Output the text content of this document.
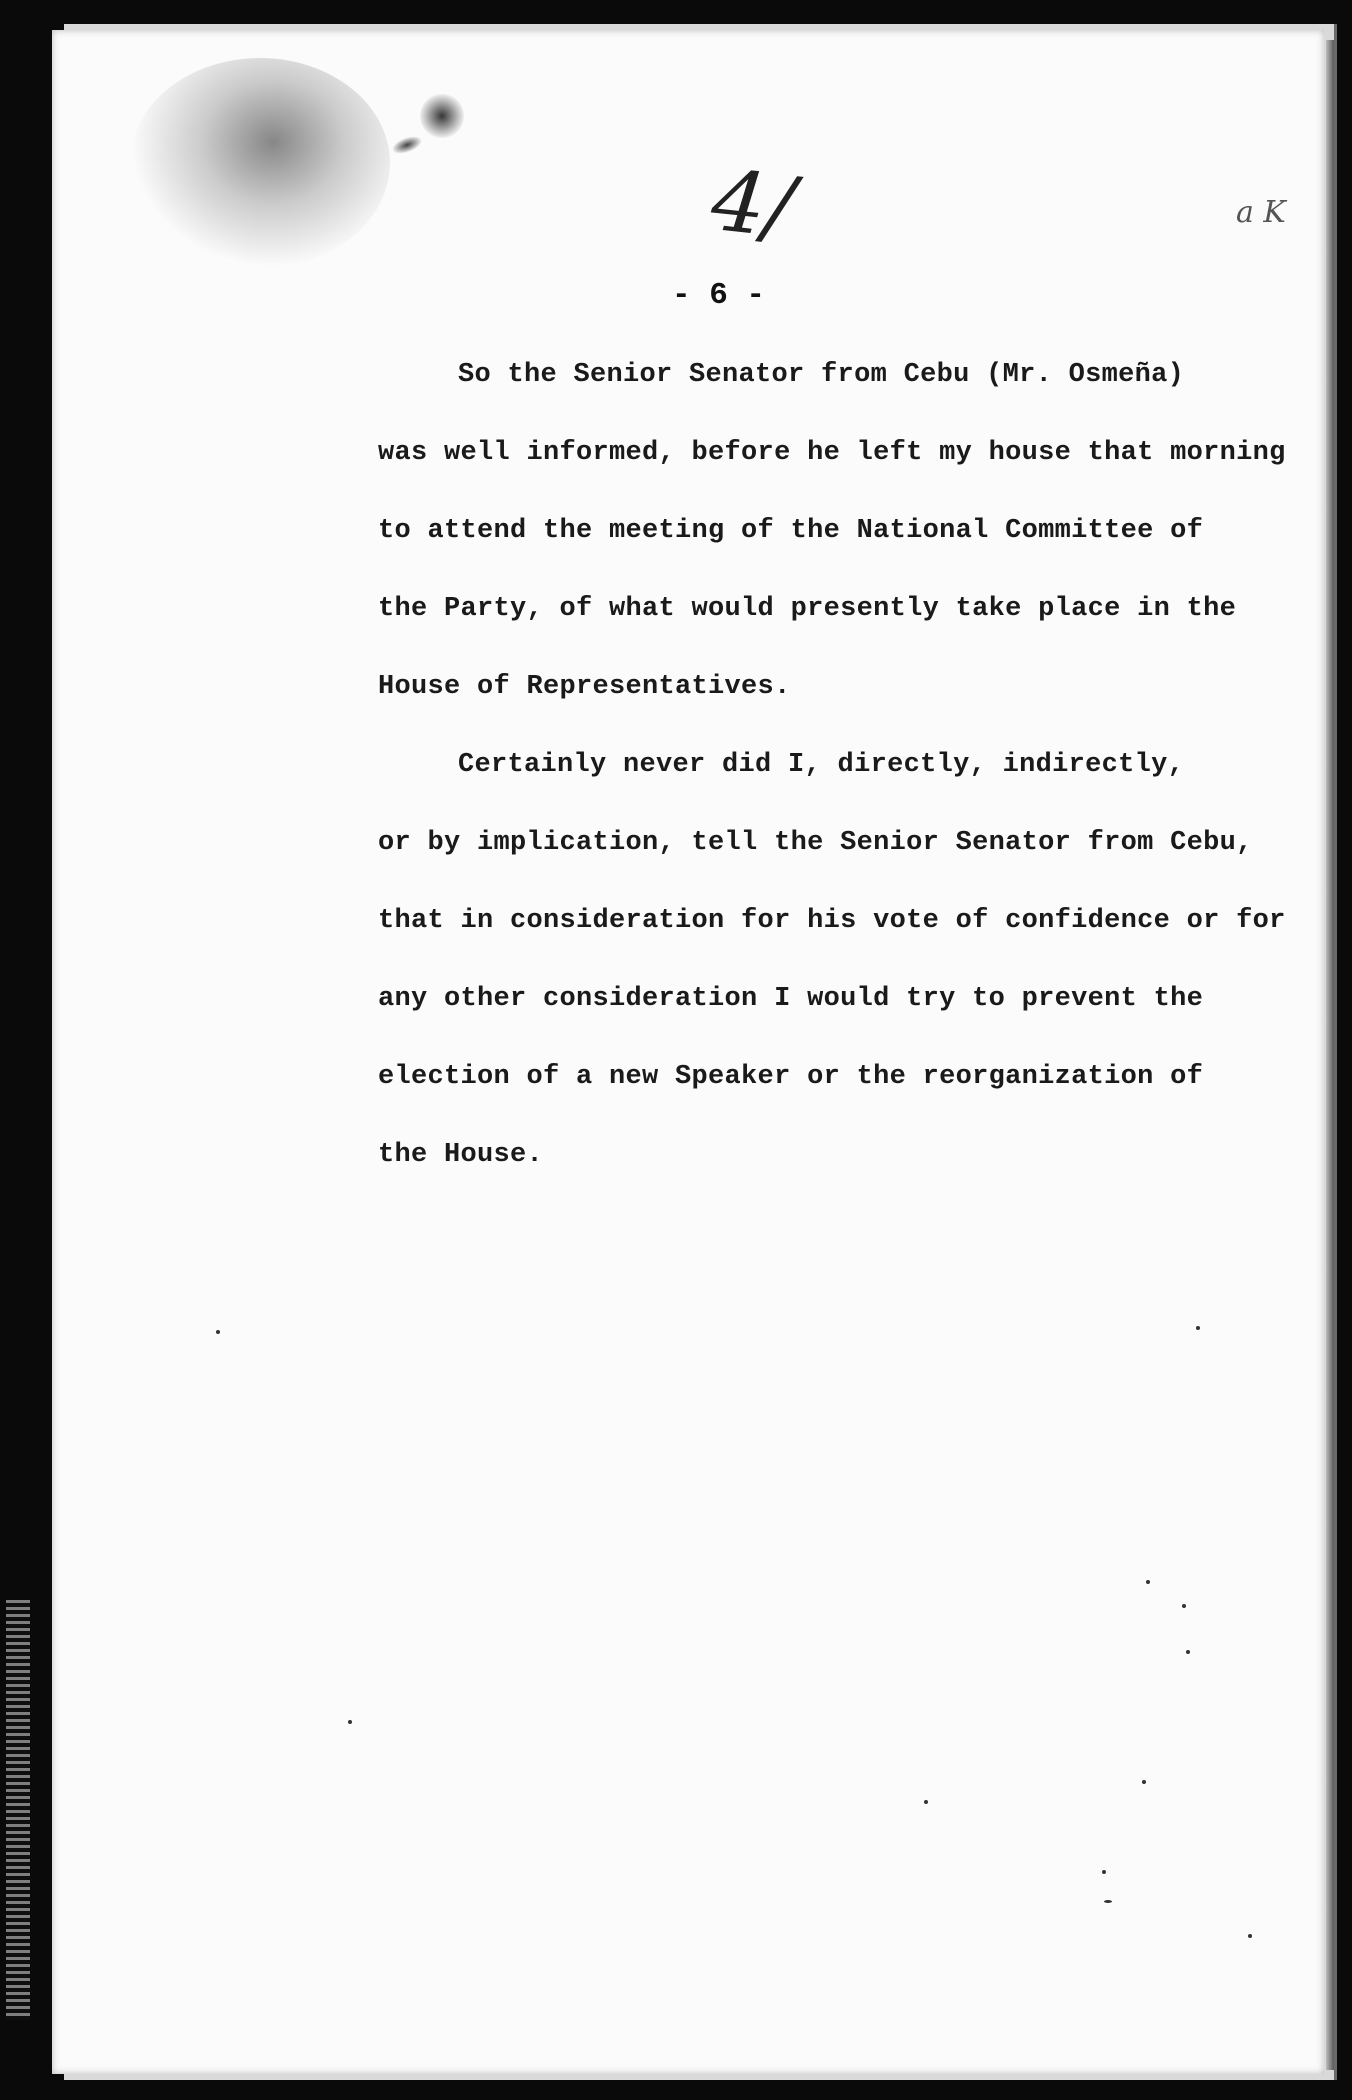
4/	a K
- 6 -
So the Senior Senator from Cebu (Mr. Osmeña)
was well informed, before he left my house that morning
to attend the meeting of the National Committee of
the Party, of what would presently take place in the
House of Representatives.
Certainly never did I, directly, indirectly,
or by implication, tell the Senior Senator from Cebu,
that in consideration for his vote of confidence or for
any other consideration I would try to prevent the
election of a new Speaker or the reorganization of
the House.
